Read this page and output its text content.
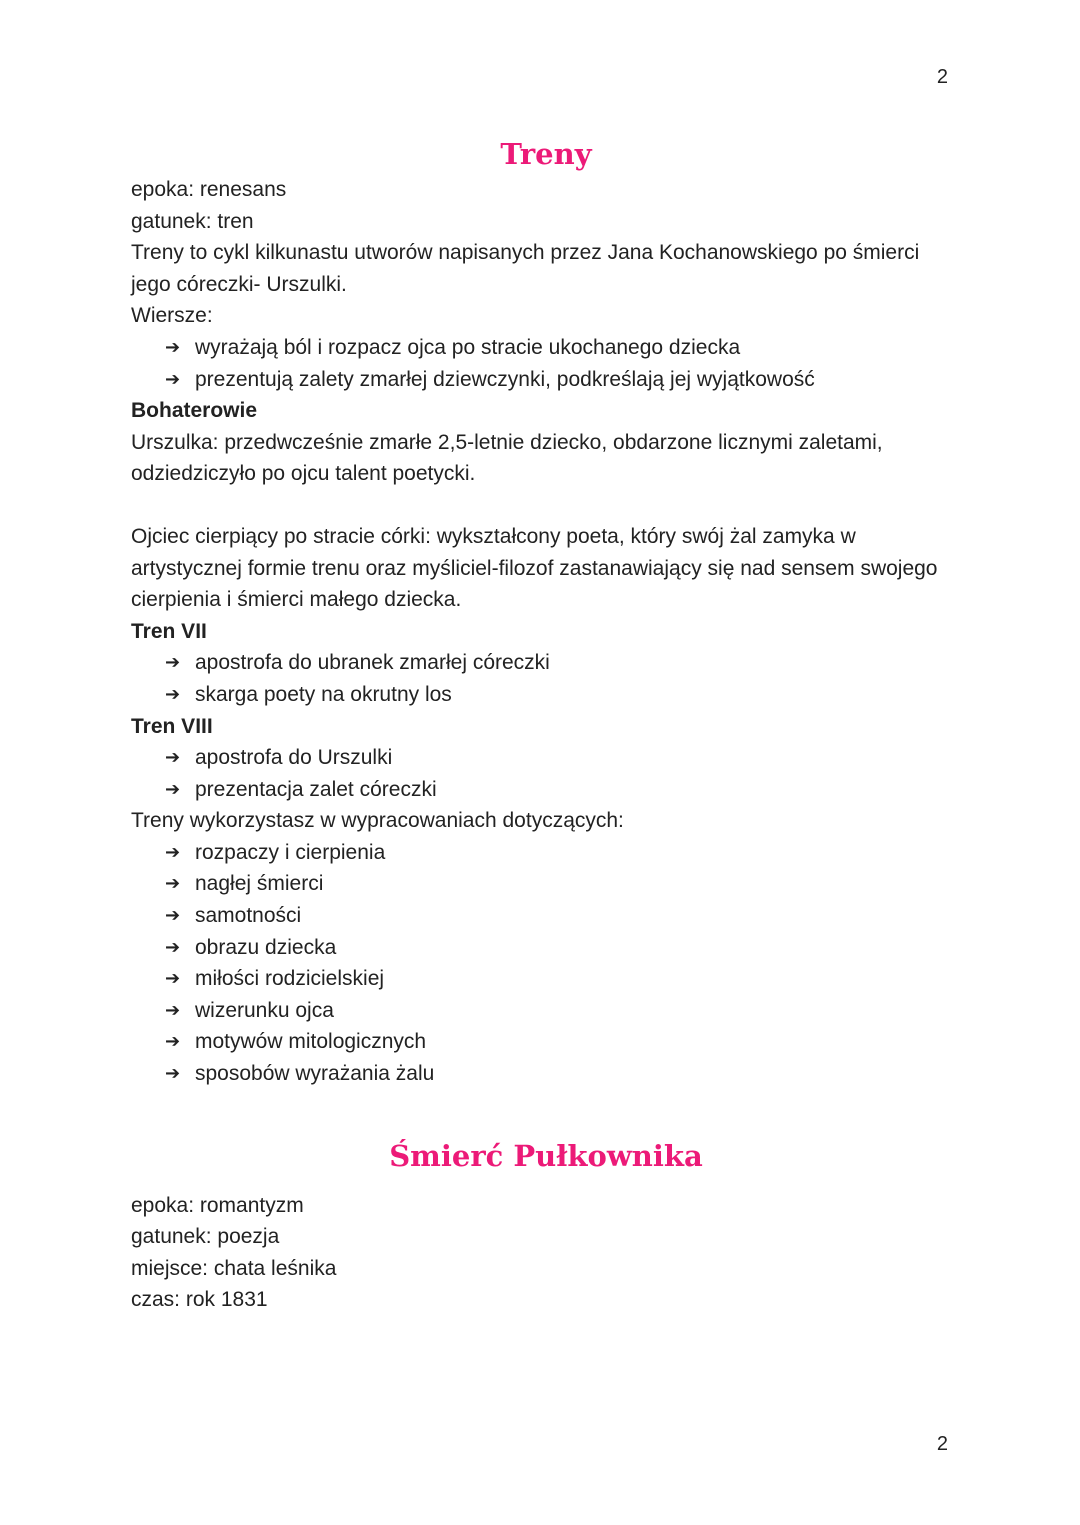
2
Treny

epoka: renesans

gatunek: tren

Treny to cykl kilkunastu utworów napisanych przez Jana Kochanowskiego po śmierci jego córeczki- Urszulki.

Wiersze:

➔ wyrażają ból i rozpacz ojca po stracie ukochanego dziecka
➔ prezentują zalety zmarłej dziewczynki, podkreślają jej wyjątkowość

Bohaterowie

Urszulka: przedwcześnie zmarłe 2,5-letnie dziecko, obdarzone licznymi zaletami, odziedziczyło po ojcu talent poetycki.

Ojciec cierpiący po stracie córki: wykształcony poeta, który swój żal zamyka w artystycznej formie trenu oraz myśliciel-filozof zastanawiający się nad sensem swojego cierpienia i śmierci małego dziecka.

Tren VII

➔ apostrofa do ubranek zmarłej córeczki
➔ skarga poety na okrutny los

Tren VIII

➔ apostrofa do Urszulki
➔ prezentacja zalet córeczki

Treny wykorzystasz w wypracowaniach dotyczących:

➔ rozpaczy i cierpienia
➔ nagłej śmierci
➔ samotności
➔ obrazu dziecka
➔ miłości rodzicielskiej
➔ wizerunku ojca
➔ motywów mitologicznych
➔ sposobów wyrażania żalu
Śmierć Pułkownika

epoka: romantyzm

gatunek: poezja

miejsce: chata leśnika

czas: rok 1831

2
